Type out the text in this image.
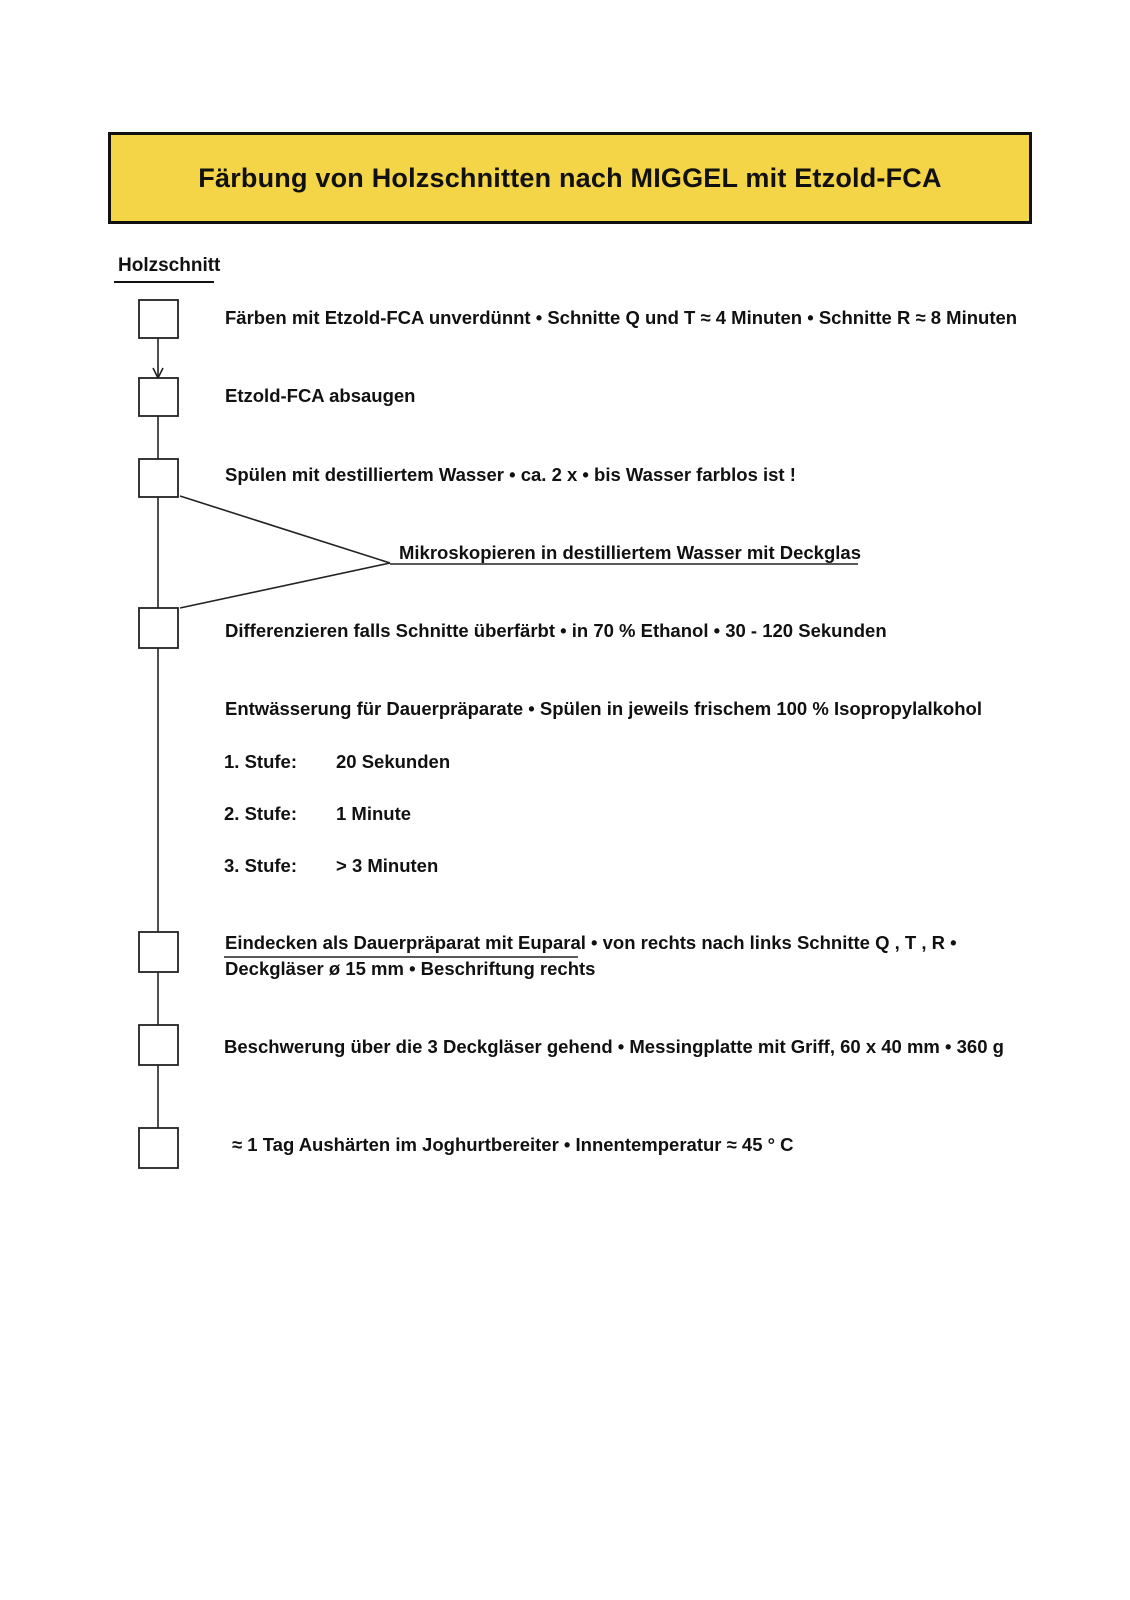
Färbung von Holzschnitten nach MIGGEL mit Etzold-FCA
Holzschnitt
Färben mit Etzold-FCA unverdünnt • Schnitte Q und T ≈ 4 Minuten • Schnitte R ≈ 8 Minuten
Etzold-FCA absaugen
Spülen mit destilliertem Wasser • ca. 2 x • bis Wasser farblos ist !
Mikroskopieren in destilliertem Wasser mit Deckglas
Differenzieren falls Schnitte überfärbt • in 70 % Ethanol • 30 - 120 Sekunden
Entwässerung für Dauerpräparate • Spülen in jeweils frischem 100 % Isopropylalkohol
1. Stufe: 20 Sekunden
2. Stufe: 1 Minute
3. Stufe: > 3 Minuten
Eindecken als Dauerpräparat mit Euparal • von rechts nach links Schnitte Q , T , R •
Deckgläser ø 15 mm • Beschriftung rechts
Beschwerung über die 3 Deckgläser gehend • Messingplatte mit Griff, 60 x 40 mm • 360 g
≈ 1 Tag Aushärten im Joghurtbereiter • Innentemperatur ≈ 45 ° C
